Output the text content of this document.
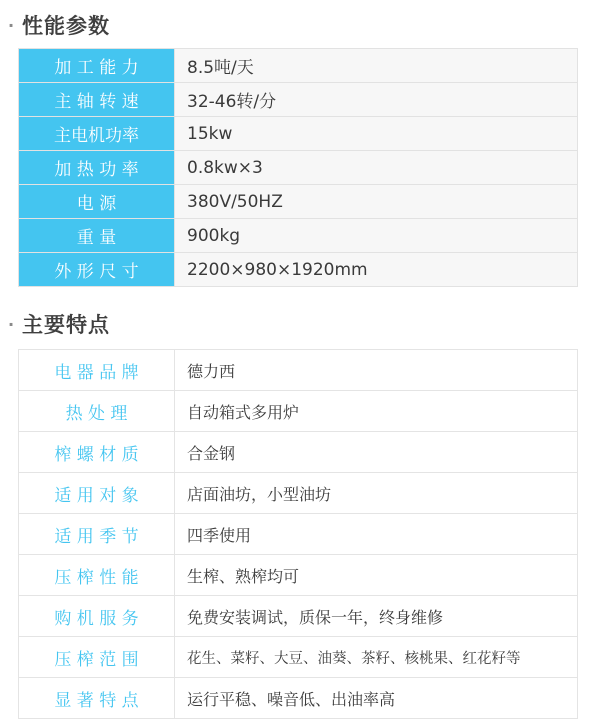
· 性能参数
加 工 能 力	8.5吨/天

主 轴 转 速	32-46转/分

主电机功率	15kw

加 热 功 率	0.8kw×3

电 源	380V/50HZ

重 量	900kg

外 形 尺 寸	2200×980×1920mm
· 主要特点
电 器 品 牌	德力西

热 处 理	自动箱式多用炉

榨 螺 材 质	合金钢

适 用 对 象	店面油坊，小型油坊

适 用 季 节	四季使用

压 榨 性 能	生榨、熟榨均可

购 机 服 务	免费安装调试，质保一年，终身维修

压 榨 范 围	花生、菜籽、大豆、油葵、茶籽、核桃果、红花籽等

显 著 特 点	运行平稳、噪音低、出油率高
